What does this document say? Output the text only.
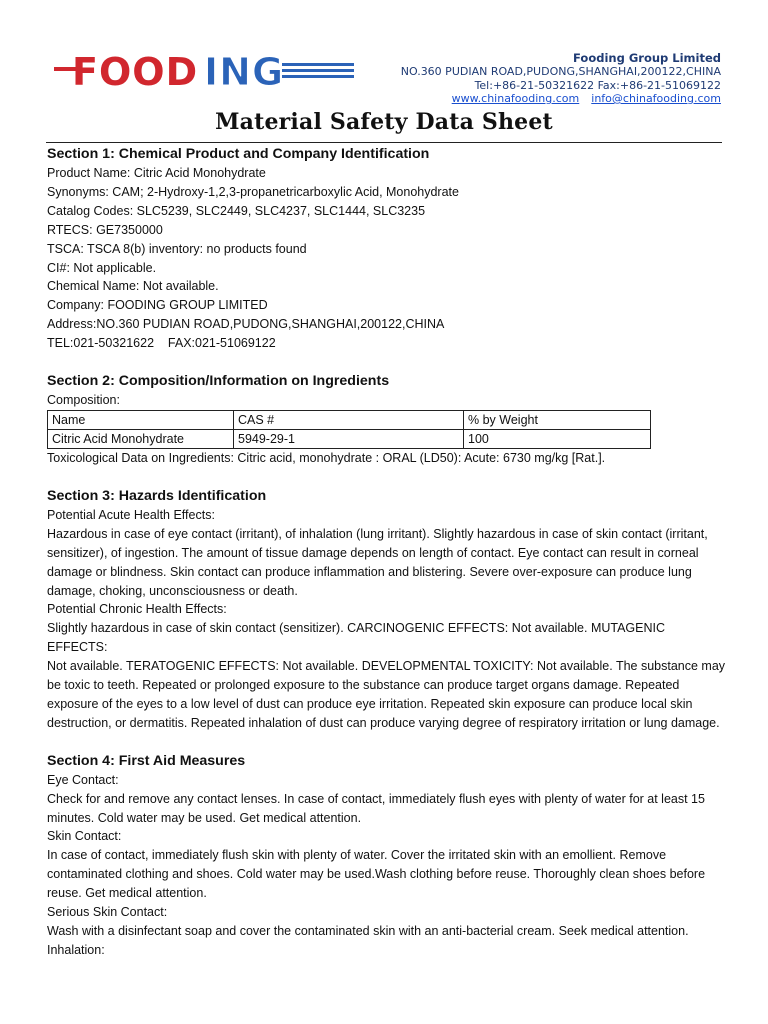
FOOD ING	Fooding Group Limited
NO.360 PUDIAN ROAD,PUDONG,SHANGHAI,200122,CHINA
Tel:+86-21-50321622 Fax:+86-21-51069122
www.chinafooding.com info@chinafooding.com
Material Safety Data Sheet

Section 1: Chemical Product and Company Identification

Product Name: Citric Acid Monohydrate

Synonyms: CAM; 2-Hydroxy-1,2,3-propanetricarboxylic Acid, Monohydrate

Catalog Codes: SLC5239, SLC2449, SLC4237, SLC1444, SLC3235

RTECS: GE7350000

TSCA: TSCA 8(b) inventory: no products found

CI#: Not applicable.

Chemical Name: Not available.

Company: FOODING GROUP LIMITED

Address:NO.360 PUDIAN ROAD,PUDONG,SHANGHAI,200122,CHINA

TEL:021-50321622    FAX:021-51069122

Section 2: Composition/Information on Ingredients

Composition:

Name	CAS #	% by Weight
Citric Acid Monohydrate	5949-29-1	100

Toxicological Data on Ingredients: Citric acid, monohydrate : ORAL (LD50): Acute: 6730 mg/kg [Rat.].

Section 3: Hazards Identification

Potential Acute Health Effects:

Hazardous in case of eye contact (irritant), of inhalation (lung irritant). Slightly hazardous in case of skin contact (irritant, sensitizer), of ingestion. The amount of tissue damage depends on length of contact. Eye contact can result in corneal damage or blindness. Skin contact can produce inflammation and blistering. Severe over-exposure can produce lung damage, choking, unconsciousness or death.

Potential Chronic Health Effects:

Slightly hazardous in case of skin contact (sensitizer). CARCINOGENIC EFFECTS: Not available. MUTAGENIC EFFECTS:

Not available. TERATOGENIC EFFECTS: Not available. DEVELOPMENTAL TOXICITY: Not available. The substance may be toxic to teeth. Repeated or prolonged exposure to the substance can produce target organs damage. Repeated exposure of the eyes to a low level of dust can produce eye irritation. Repeated skin exposure can produce local skin destruction, or dermatitis. Repeated inhalation of dust can produce varying degree of respiratory irritation or lung damage.

Section 4: First Aid Measures

Eye Contact:

Check for and remove any contact lenses. In case of contact, immediately flush eyes with plenty of water for at least 15 minutes. Cold water may be used. Get medical attention.

Skin Contact:

In case of contact, immediately flush skin with plenty of water. Cover the irritated skin with an emollient. Remove contaminated clothing and shoes. Cold water may be used.Wash clothing before reuse. Thoroughly clean shoes before reuse. Get medical attention.

Serious Skin Contact:

Wash with a disinfectant soap and cover the contaminated skin with an anti-bacterial cream. Seek medical attention.

Inhalation:
